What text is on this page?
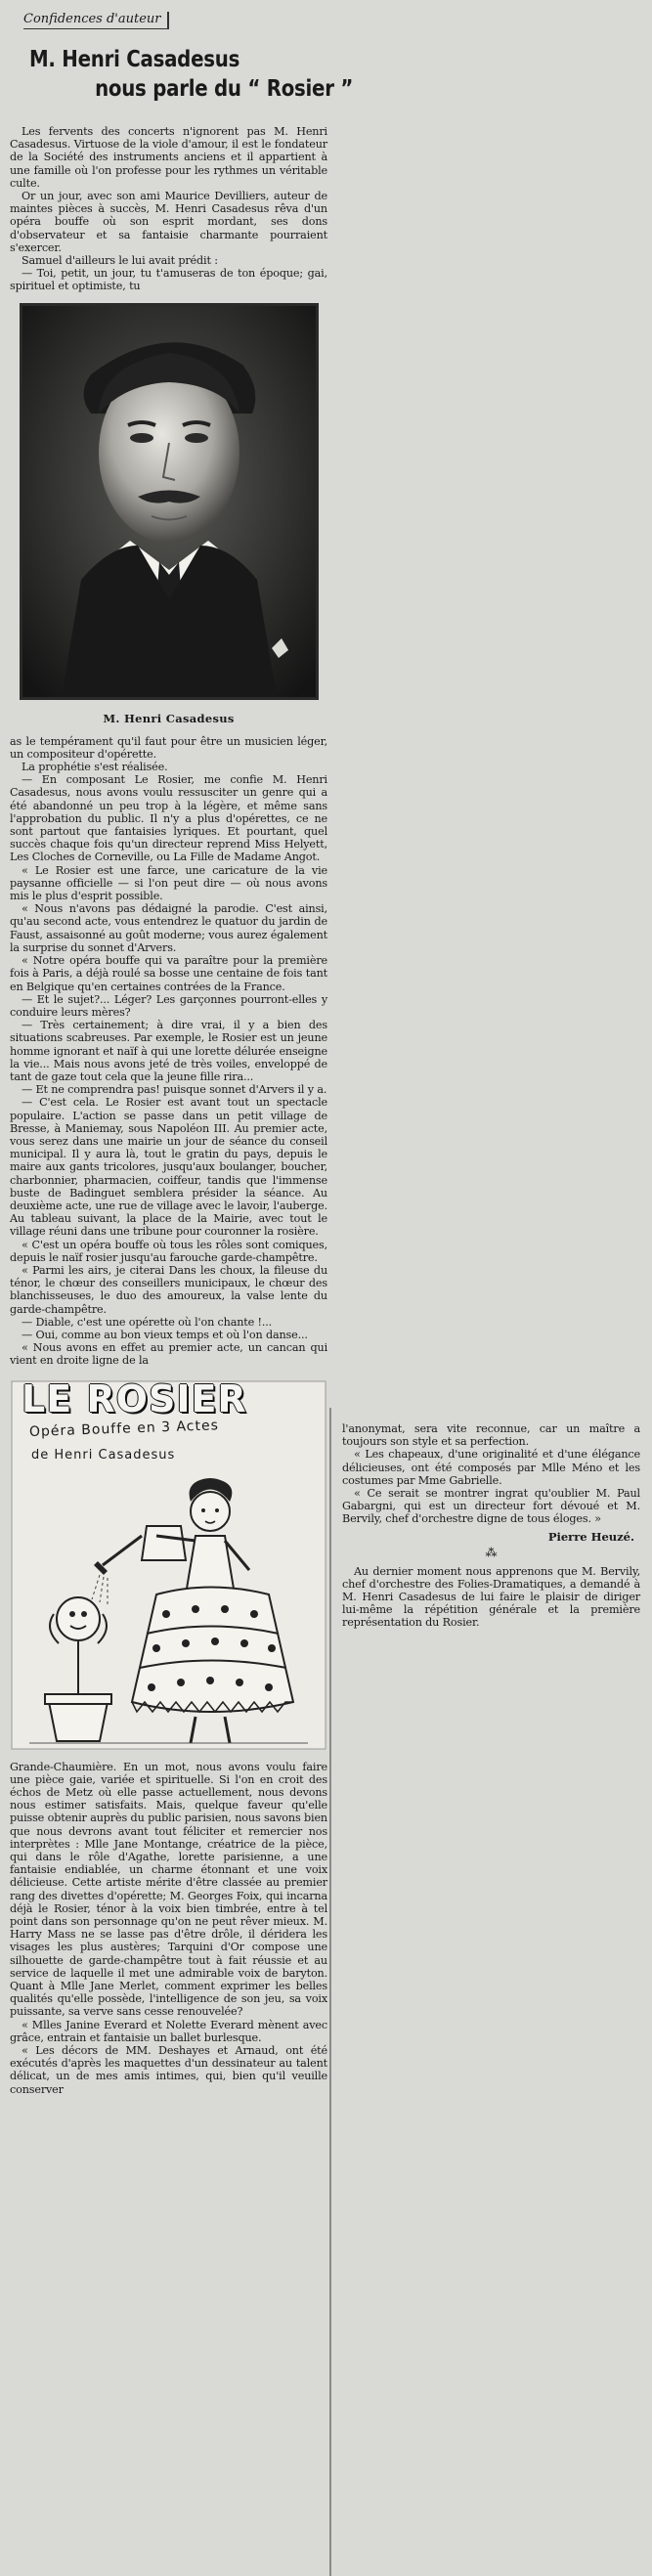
Confidences d'auteur
M. Henri Casadesus
nous parle du “ Rosier ”

Les fervents des concerts n'ignorent pas M. Henri Casadesus. Virtuose de la viole d'amour, il est le fondateur de la Société des instruments anciens et il appartient à une famille où l'on professe pour les rythmes un véritable culte.

Or un jour, avec son ami Maurice Devilliers, auteur de maintes pièces à succès, M. Henri Casadesus rêva d'un opéra bouffe où son esprit mordant, ses dons d'observateur et sa fantaisie charmante pourraient s'exercer.

Samuel d'ailleurs le lui avait prédit :

— Toi, petit, un jour, tu t'amuseras de ton époque; gai, spirituel et optimiste, tu

M. Henri Casadesus

as le tempérament qu'il faut pour être un musicien léger, un compositeur d'opérette.

La prophétie s'est réalisée.

— En composant Le Rosier, me confie M. Henri Casadesus, nous avons voulu ressusciter un genre qui a été abandonné un peu trop à la légère, et même sans l'approbation du public. Il n'y a plus d'opérettes, ce ne sont partout que fantaisies lyriques. Et pourtant, quel succès chaque fois qu'un directeur reprend Miss Helyett, Les Cloches de Corneville, ou La Fille de Madame Angot.

« Le Rosier est une farce, une caricature de la vie paysanne officielle — si l'on peut dire — où nous avons mis le plus d'esprit possible.

« Nous n'avons pas dédaigné la parodie. C'est ainsi, qu'au second acte, vous entendrez le quatuor du jardin de Faust, assaisonné au goût moderne; vous aurez également la surprise du sonnet d'Arvers.

« Notre opéra bouffe qui va paraître pour la première fois à Paris, a déjà roulé sa bosse une centaine de fois tant en Belgique qu'en certaines contrées de la France.

— Et le sujet?... Léger? Les garçonnes pourront-elles y conduire leurs mères?

— Très certainement; à dire vrai, il y a bien des situations scabreuses. Par exemple, le Rosier est un jeune homme ignorant et naïf à qui une lorette délurée enseigne la vie... Mais nous avons jeté de très voiles, enveloppé de tant de gaze tout cela que la jeune fille rira...

— Et ne comprendra pas! puisque sonnet d'Arvers il y a.

— C'est cela. Le Rosier est avant tout un spectacle populaire. L'action se passe dans un petit village de Bresse, à Maniemay, sous Napoléon III. Au premier acte, vous serez dans une mairie un jour de séance du conseil municipal. Il y aura là, tout le gratin du pays, depuis le maire aux gants tricolores, jusqu'aux boulanger, boucher, charbonnier, pharmacien, coiffeur, tandis que l'immense buste de Badinguet semblera présider la séance. Au deuxième acte, une rue de village avec le lavoir, l'auberge. Au tableau suivant, la place de la Mairie, avec tout le village réuni dans une tribune pour couronner la rosière.

« C'est un opéra bouffe où tous les rôles sont comiques, depuis le naïf rosier jusqu'au farouche garde-champêtre.

« Parmi les airs, je citerai Dans les choux, la fileuse du ténor, le chœur des conseillers municipaux, le chœur des blanchisseuses, le duo des amoureux, la valse lente du garde-champêtre.

— Diable, c'est une opérette où l'on chante !...

— Oui, comme au bon vieux temps et où l'on danse...

« Nous avons en effet au premier acte, un cancan qui vient en droite ligne de la

LE ROSIER
Opéra Bouffe en 3 Actes
de Henri Casadesus

Grande-Chaumière. En un mot, nous avons voulu faire une pièce gaie, variée et spirituelle. Si l'on en croit des échos de Metz où elle passe actuellement, nous devons nous estimer satisfaits. Mais, quelque faveur qu'elle puisse obtenir auprès du public parisien, nous savons bien que nous devrons avant tout féliciter et remercier nos interprètes : Mlle Jane Montange, créatrice de la pièce, qui dans le rôle d'Agathe, lorette parisienne, a une fantaisie endiablée, un charme étonnant et une voix délicieuse. Cette artiste mérite d'être classée au premier rang des divettes d'opérette; M. Georges Foix, qui incarna déjà le Rosier, ténor à la voix bien timbrée, entre à tel point dans son personnage qu'on ne peut rêver mieux. M. Harry Mass ne se lasse pas d'être drôle, il déridera les visages les plus austères; Tarquini d'Or compose une silhouette de garde-champêtre tout à fait réussie et au service de laquelle il met une admirable voix de baryton. Quant à Mlle Jane Merlet, comment exprimer les belles qualités qu'elle possède, l'intelligence de son jeu, sa voix puissante, sa verve sans cesse renouvelée?

« Mlles Janine Everard et Nolette Everard mènent avec grâce, entrain et fantaisie un ballet burlesque.

« Les décors de MM. Deshayes et Arnaud, ont été exécutés d'après les maquettes d'un dessinateur au talent délicat, un de mes amis intimes, qui, bien qu'il veuille conserver

l'anonymat, sera vite reconnue, car un maître a toujours son style et sa perfection.

« Les chapeaux, d'une originalité et d'une élégance délicieuses, ont été composés par Mlle Méno et les costumes par Mme Gabrielle.

« Ce serait se montrer ingrat qu'oublier M. Paul Gabargni, qui est un directeur fort dévoué et M. Bervily, chef d'orchestre digne de tous éloges. »

Pierre Heuzé.
⁂

Au dernier moment nous apprenons que M. Bervily, chef d'orchestre des Folies-Dramatiques, a demandé à M. Henri Casadesus de lui faire le plaisir de diriger lui-même la répétition générale et la première représentation du Rosier.
